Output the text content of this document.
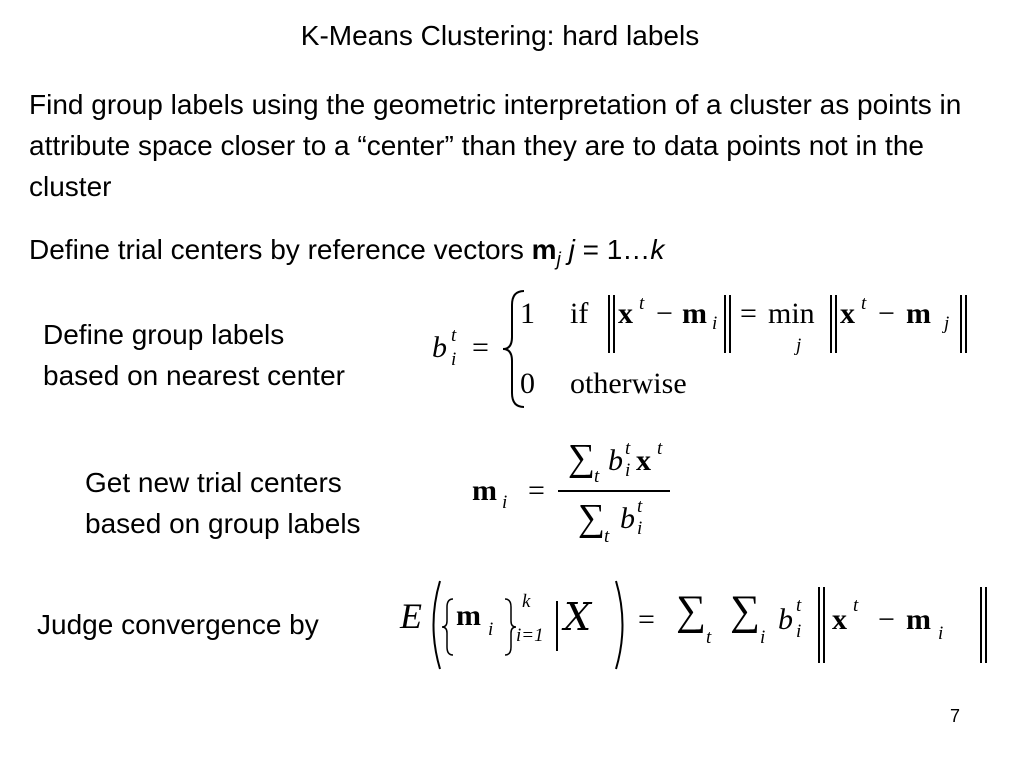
K-Means Clustering: hard labels
Find group labels using the geometric interpretation of a cluster as points in attribute space closer to a “center” than they are to data points not in the cluster
Define trial centers by reference vectors $m_j$ j = 1…k
Define group labels
based on nearest center
Get new trial centers
based on group labels
Judge convergence by
b t
i =
1 if x t − m i = min
j
x t − m j
0 otherwise
m i =
∑
t b t
i x t
∑
t
b t
i
E m i
k
i=1 X = ∑
t
∑
i
b t
i x t − m i
7
